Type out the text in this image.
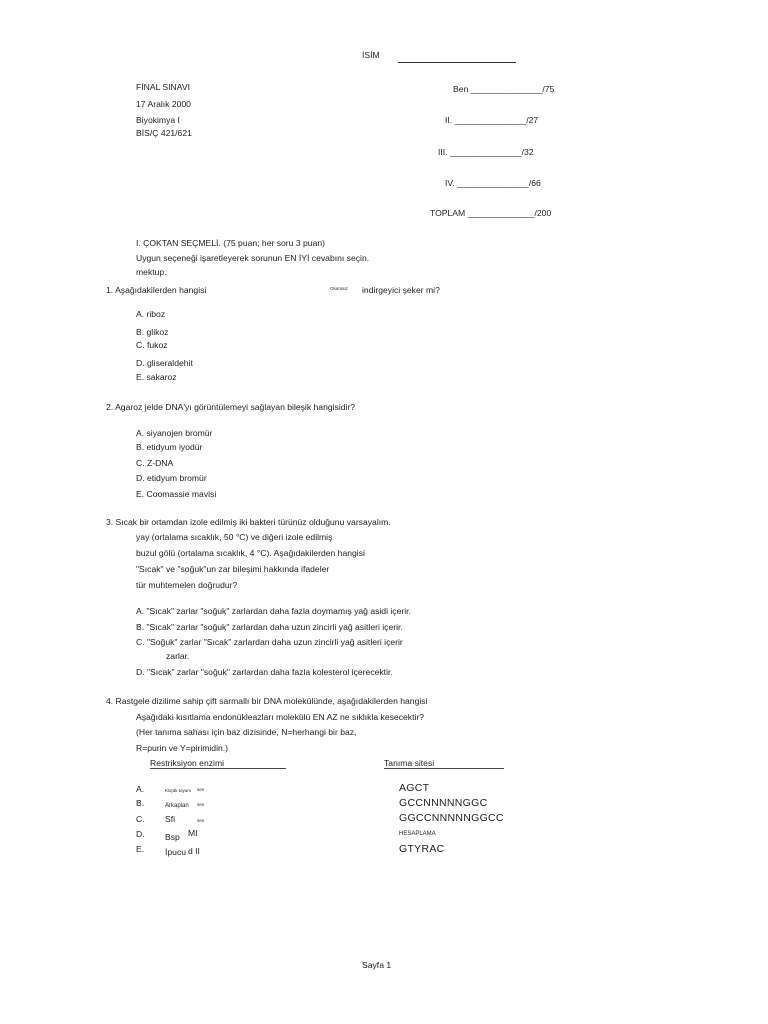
İSİM
FİNAL SINAVI
17 Aralık 2000
Biyokimya I
BİS/Ç 421/621
Ben _______________/75
II. _______________/27
III. _______________/32
IV. _______________/66
TOPLAM ______________/200
I. ÇOKTAN SEÇMELİ. (75 puan; her soru 3 puan)
Uygun seçeneği işaretleyerek sorunun EN İYİ cevabını seçin.
mektup.
1. Aşağıdakilerden hangisi	Olumsuz indirgeyici şeker mi?
A. riboz
B. glikoz
C. fukoz
D. gliseraldehit
E. sakaroz
2. Agaroz jelde DNA'yı görüntülemeyi sağlayan bileşik hangisidir?
A. siyanojen bromür
B. etidyum iyodür
C. Z-DNA
D. etidyum bromür
E. Coomassie mavisi
3. Sıcak bir ortamdan izole edilmiş iki bakteri türünüz olduğunu varsayalım.
yay (ortalama sıcaklık, 50 °C) ve diğeri izole edilmiş
buzul gölü (ortalama sıcaklık, 4 °C). Aşağıdakilerden hangisi
"Sıcak" ve "soğuk"un zar bileşimi hakkında ifadeler
tür muhtemelen doğrudur?
A. "Sıcak" zarlar "soğuk" zarlardan daha fazla doymamış yağ asidi içerir.
B. "Sıcak" zarlar "soğuk" zarlardan daha uzun zincirli yağ asitleri içerir.
C. "Soğuk" zarlar "Sıcak" zarlardan daha uzun zincirli yağ asitleri içerir
zarlar.
D. "Sıcak" zarlar "soğuk" zarlardan daha fazla kolesterol içerecektir.
4. Rastgele dizilime sahip çift sarmallı bir DNA molekülünde, aşağıdakilerden hangisi
Aşağıdaki kısıtlama endonükleazları molekülü EN AZ ne sıklıkla kesecektir?
(Her tanıma sahası için baz dizisinde, N=herhangi bir baz,
R=purin ve Y=pirimidin.)
Restriksiyon enzimi	Tanıma sitesi
A.	Küçük toyum ses	AGCT
B.	Arkaplan ses	GCCNNNNNGGC
C. Sfi	ses	GGCCNNNNNGGCC
D. Bsp MI	HESAPLAMA
E. İpucu d II	GTYRAC
Sayfa 1
